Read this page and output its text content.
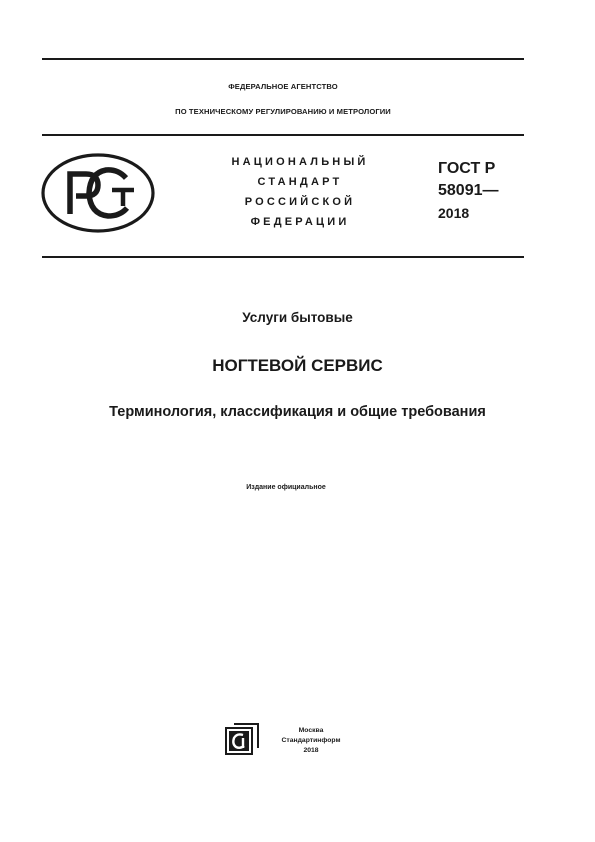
ФЕДЕРАЛЬНОЕ АГЕНТСТВО
ПО ТЕХНИЧЕСКОМУ РЕГУЛИРОВАНИЮ И МЕТРОЛОГИИ
НАЦИОНАЛЬНЫЙ
СТАНДАРТ
РОССИЙСКОЙ
ФЕДЕРАЦИИ
ГОСТ Р
58091—
2018
Услуги бытовые
НОГТЕВОЙ СЕРВИС
Терминология, классификация и общие требования
Издание официальное
Москва
Стандартинформ
2018
